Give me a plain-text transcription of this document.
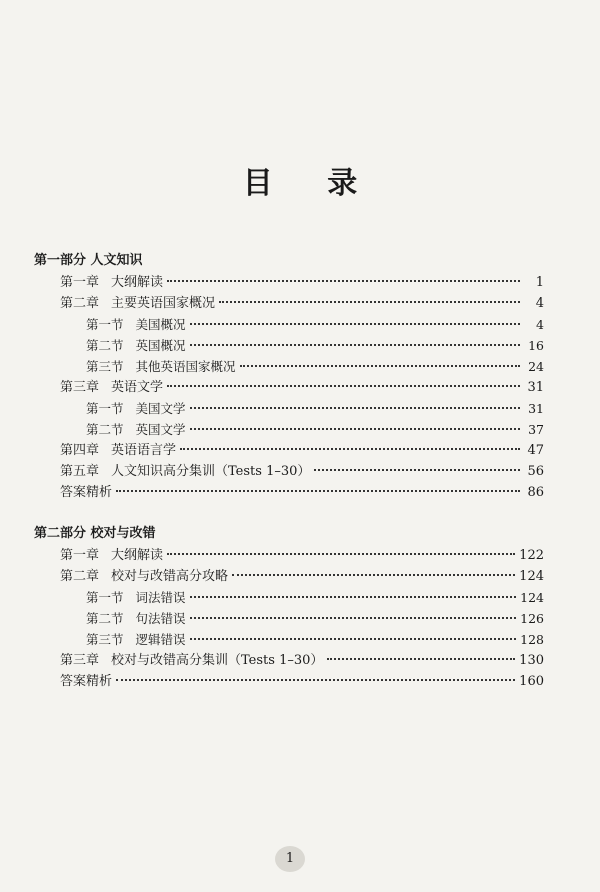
目 录
第一部分 人文知识
第一章 大纲解读	1
第二章 主要英语国家概况	4
第一节 美国概况	4
第二节 英国概况	16
第三节 其他英语国家概况	24
第三章 英语文学	31
第一节 美国文学	31
第二节 英国文学	37
第四章 英语语言学	47
第五章 人文知识高分集训（Tests 1–30）	56
答案精析	86
第二部分 校对与改错
第一章 大纲解读	122
第二章 校对与改错高分攻略	124
第一节 词法错误	124
第二节 句法错误	126
第三节 逻辑错误	128
第三章 校对与改错高分集训（Tests 1–30）	130
答案精析	160
1
